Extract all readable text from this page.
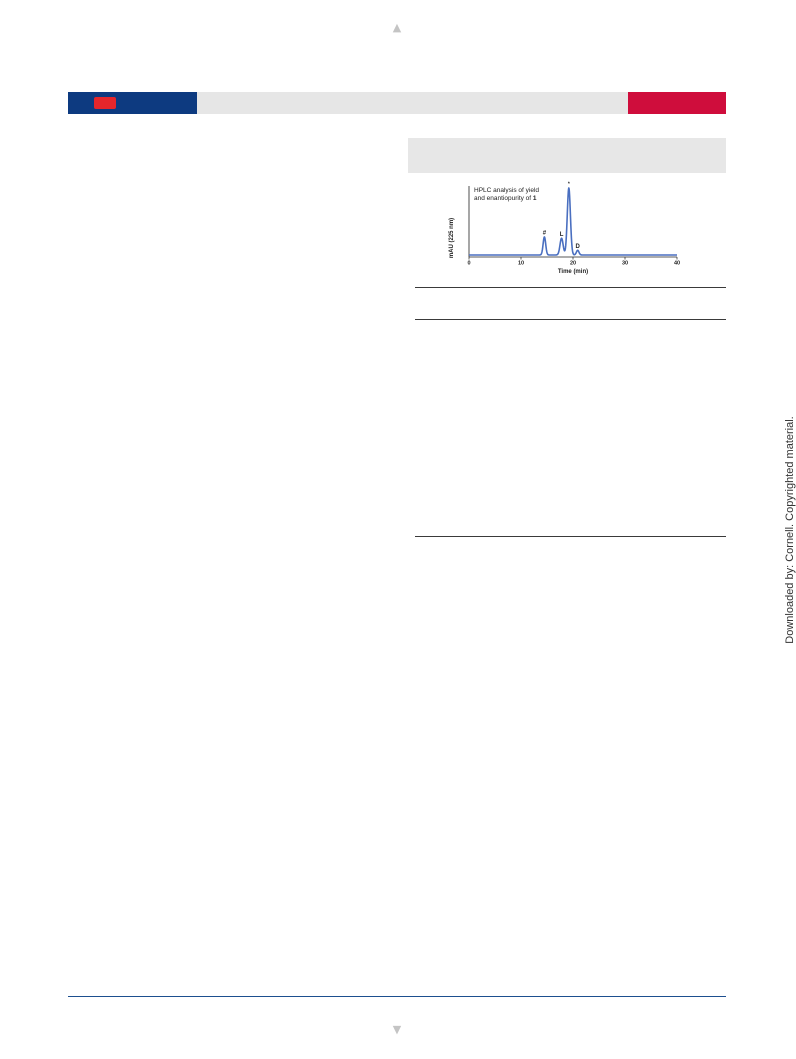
▲
HPLC analysis of yield and enantiopurity of 1
mAU (225 nm)
0	10	20	30	40
# L
*
D
Time (min)
Downloaded by: Cornell. Copyrighted material.
▼
